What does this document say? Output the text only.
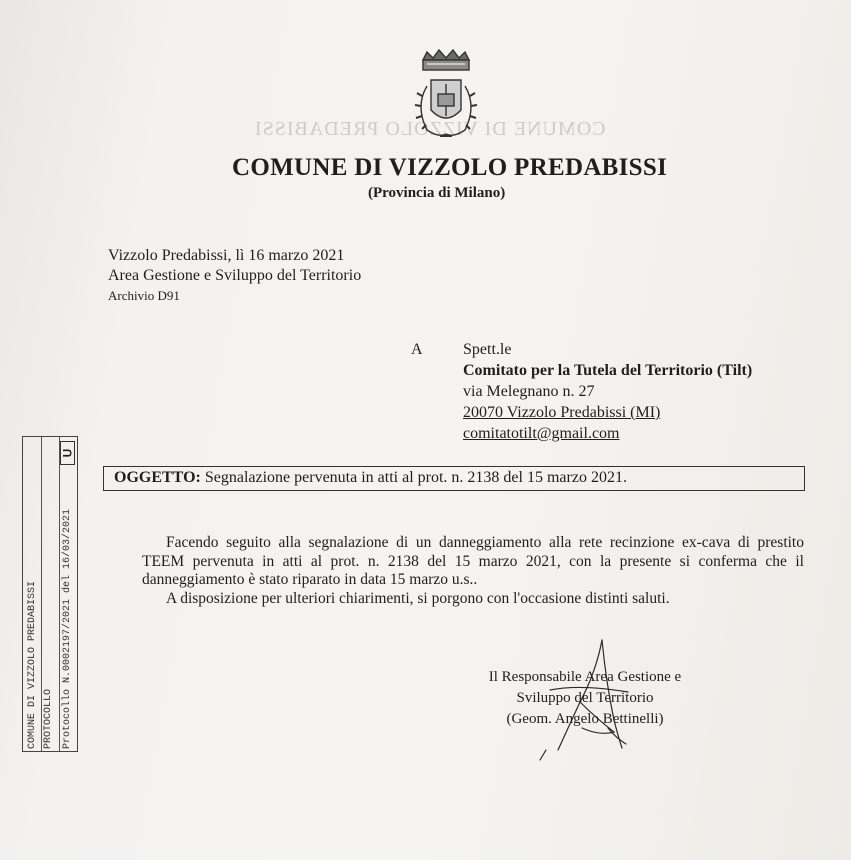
COMUNE DI VIZZOLO PREDABISSI
COMUNE DI VIZZOLO PREDABISSI
(Provincia di Milano)
Vizzolo Predabissi, lì 16 marzo 2021
Area Gestione e Sviluppo del Territorio
Archivio D91
A	Spett.le
Comitato per la Tutela del Territorio (Tilt)
via Melegnano n. 27
20070 Vizzolo Predabissi (MI)
comitatotilt@gmail.com
OGGETTO: Segnalazione pervenuta in atti al prot. n. 2138 del 15 marzo 2021.

Facendo seguito alla segnalazione di un danneggiamento alla rete recinzione ex-cava di prestito TEEM pervenuta in atti al prot. n. 2138 del 15 marzo 2021, con la presente si conferma che il danneggiamento è stato riparato in data 15 marzo u.s..

A disposizione per ulteriori chiarimenti, si porgono con l'occasione distinti saluti.

Il Responsabile Area Gestione e
Sviluppo del Territorio
(Geom. Angelo Bettinelli)
U
COMUNE DI VIZZOLO PREDABISSI PROTOCOLLO Protocollo N.0002197/2021 del 16/03/2021
